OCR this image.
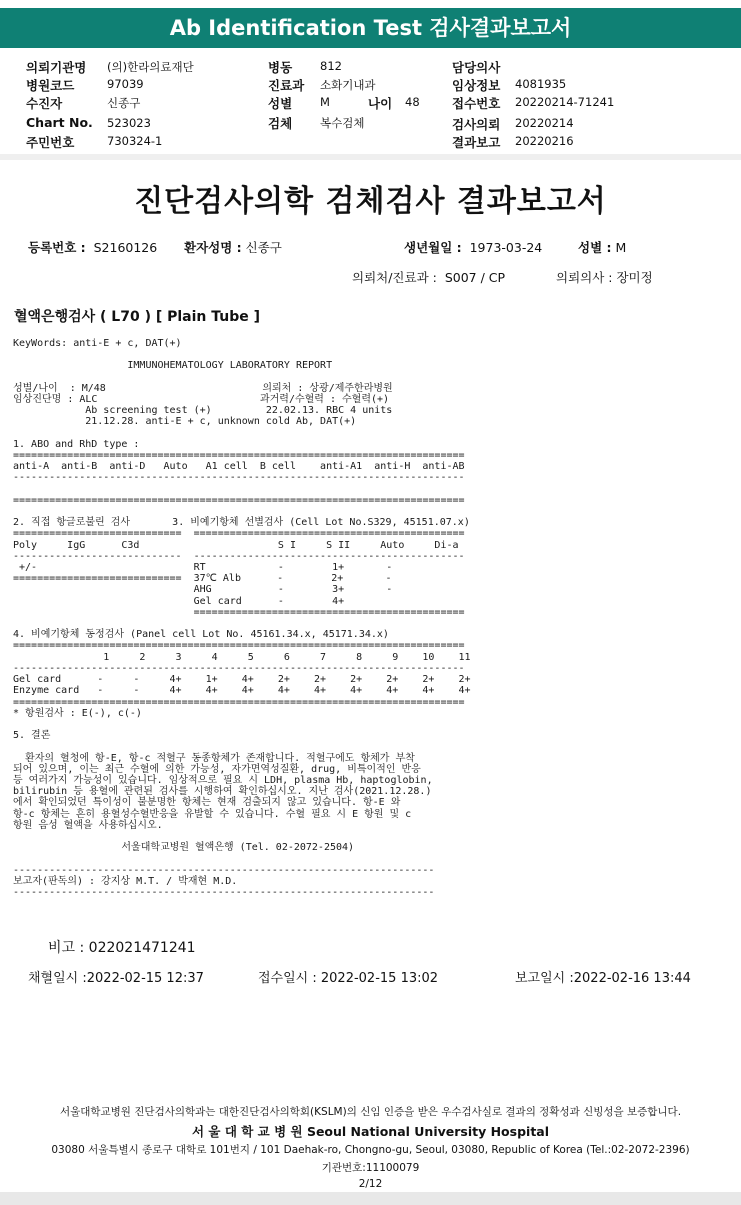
Ab Identification Test 검사결과보고서
의뢰기관명 (의)한라의료재단
병원코드	97039
수진자	신종구
Chart No. 523023
주민번호	730324-1
병동 812
진료과 소화기내과
성별 M	나이 48
검체 복수검체
담당의사
임상정보 4081935
접수번호 20220214-71241
검사의뢰 20220214
결과보고 20220216
진단검사의학 검체검사 결과보고서
등록번호 : S2160126 환자성명 : 신종구	생년월일 : 1973-03-24	성별 : M
의뢰처/진료과 : S007 / CP	의뢰의사 : 장미정
혈액은행검사 ( L70 ) [ Plain Tube ]
KeyWords: anti-E + c, DAT(+)

IMMUNOHEMATOLOGY LABORATORY REPORT

성별/나이  : M/48                          의뢰처 : 상광/제주한라병원
임상진단명 : ALC                           과거력/수혈력 : 수혈력(+)
Ab screening test (+)         22.02.13. RBC 4 units
21.12.28. anti-E + c, unknown cold Ab, DAT(+)

1. ABO and RhD type :
===========================================================================
anti-A  anti-B  anti-D   Auto   A1 cell  B cell    anti-A1  anti-H  anti-AB
---------------------------------------------------------------------------

===========================================================================

2. 직접 항글로불린 검사       3. 비예기항체 선별검사 (Cell Lot No.S329, 45151.07.x)
============================  =============================================
Poly     IgG      C3d                       S I     S II     Auto     Di-a
----------------------------  ---------------------------------------------
+/-                          RT            -        1+       -
============================  37℃ Alb      -        2+       -
AHG           -        3+       -
Gel card      -        4+
=============================================

4. 비예기항체 동정검사 (Panel cell Lot No. 45161.34.x, 45171.34.x)
===========================================================================
1     2     3     4     5     6     7     8     9    10    11
---------------------------------------------------------------------------
Gel card      -     -     4+    1+    4+    2+    2+    2+    2+    2+    2+
Enzyme card   -     -     4+    4+    4+    4+    4+    4+    4+    4+    4+
===========================================================================
* 항원검사 : E(-), c(-)

5. 결론

환자의 혈청에 항-E, 항-c 적혈구 동종항체가 존재합니다. 적혈구에도 항체가 부착
되어 있으며, 이는 최근 수혈에 의한 가능성, 자가면역성질환, drug, 비특이적인 반응
등 여러가지 가능성이 있습니다. 임상적으로 필요 시 LDH, plasma Hb, haptoglobin,
bilirubin 등 용혈에 관련된 검사를 시행하여 확인하십시오. 지난 검사(2021.12.28.)
에서 확인되었던 특이성이 불분명한 항체는 현재 검출되지 않고 있습니다. 항-E 와
항-c 항체는 흔히 용혈성수혈반응을 유발할 수 있습니다. 수혈 필요 시 E 항원 및 c
항원 음성 혈액을 사용하십시오.

서울대학교병원 혈액은행 (Tel. 02-2072-2504)

----------------------------------------------------------------------
보고자(판독의) : 강지상 M.T. / 박재현 M.D.
----------------------------------------------------------------------
비고 : 022021471241
채혈일시 :2022-02-15 12:37	접수일시 : 2022-02-15 13:02	보고일시 :2022-02-16 13:44
서울대학교병원 진단검사의학과는 대한진단검사의학회(KSLM)의 신임 인증을 받은 우수검사실로 결과의 정확성과 신빙성을 보증합니다.
서 울 대 학 교 병 원 Seoul National University Hospital
03080 서울특별시 종로구 대학로 101번지 / 101 Daehak-ro, Chongno-gu, Seoul, 03080, Republic of Korea (Tel.:02-2072-2396)
기관번호:11100079
2/12
